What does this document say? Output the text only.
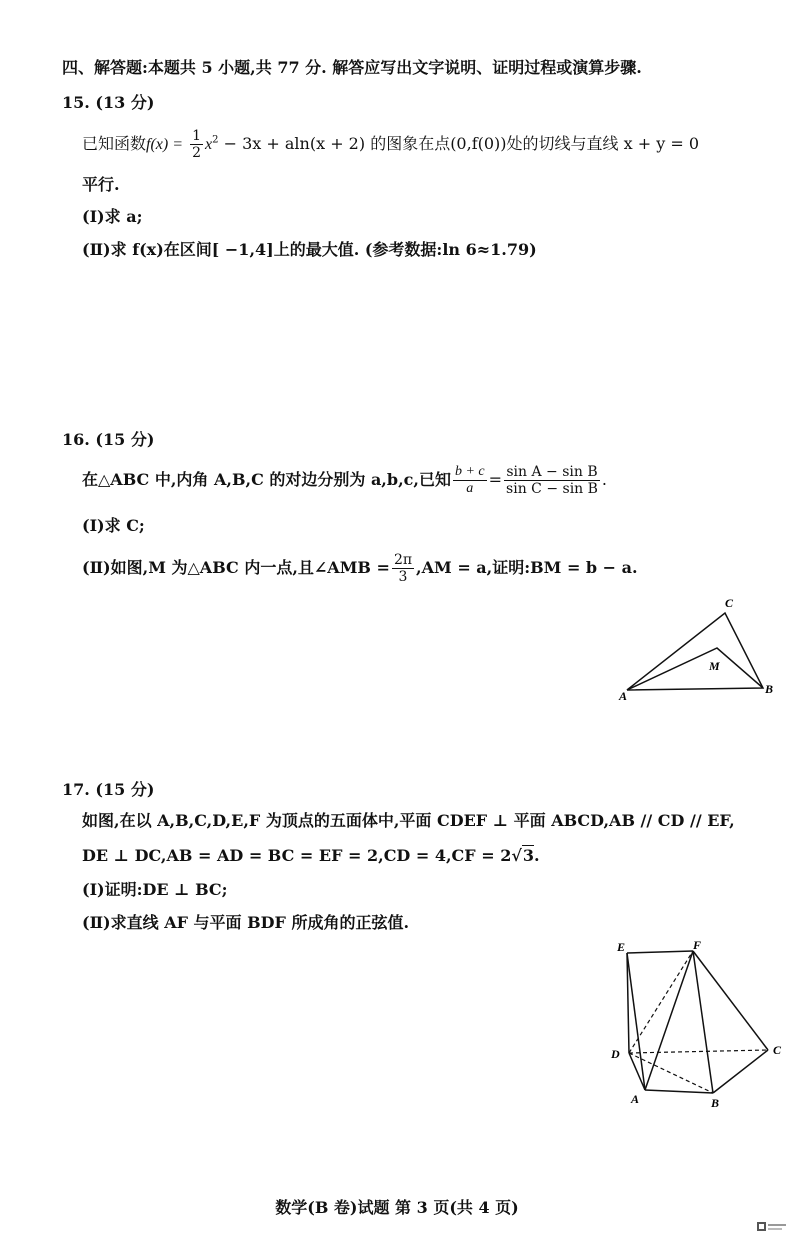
四、解答题:本题共 5 小题,共 77 分. 解答应写出文字说明、证明过程或演算步骤.
15. (13 分)
已知函数$f(x) = \frac{1}{2} x^2 - 3x + aln(x + 2)$ 的图象在点(0,f(0))处的切线与直线 x + y = 0
平行.
(Ⅰ)求 a;
(Ⅱ)求 f(x)在区间[ −1,4]上的最大值. (参考数据:ln 6≈1.79)
16. (15 分)
在△ABC 中,内角 A,B,C 的对边分别为 a,b,c,已知 $\frac{b + c}{a} = \frac{\text{sin A − sin B}}{\text{sin C − sin B}}$ .
(Ⅰ)求 C;
(Ⅱ)如图,M 为△ABC 内一点,且∠AMB = $\frac{2\pi}{3} ,AM = a$,证明:BM = b − a.
A	B
C
M
17. (15 分)
如图,在以 A,B,C,D,E,F 为顶点的五面体中,平面 CDEF ⊥ 平面 ABCD,AB // CD // EF,
DE ⊥ DC,AB = AD = BC = EF = 2,CD = 4,CF = 2√3.
(Ⅰ)证明:DE ⊥ BC;
(Ⅱ)求直线 AF 与平面 BDF 所成角的正弦值.
E	F
D	C
A	B
数学(B 卷)试题 第 3 页(共 4 页)
